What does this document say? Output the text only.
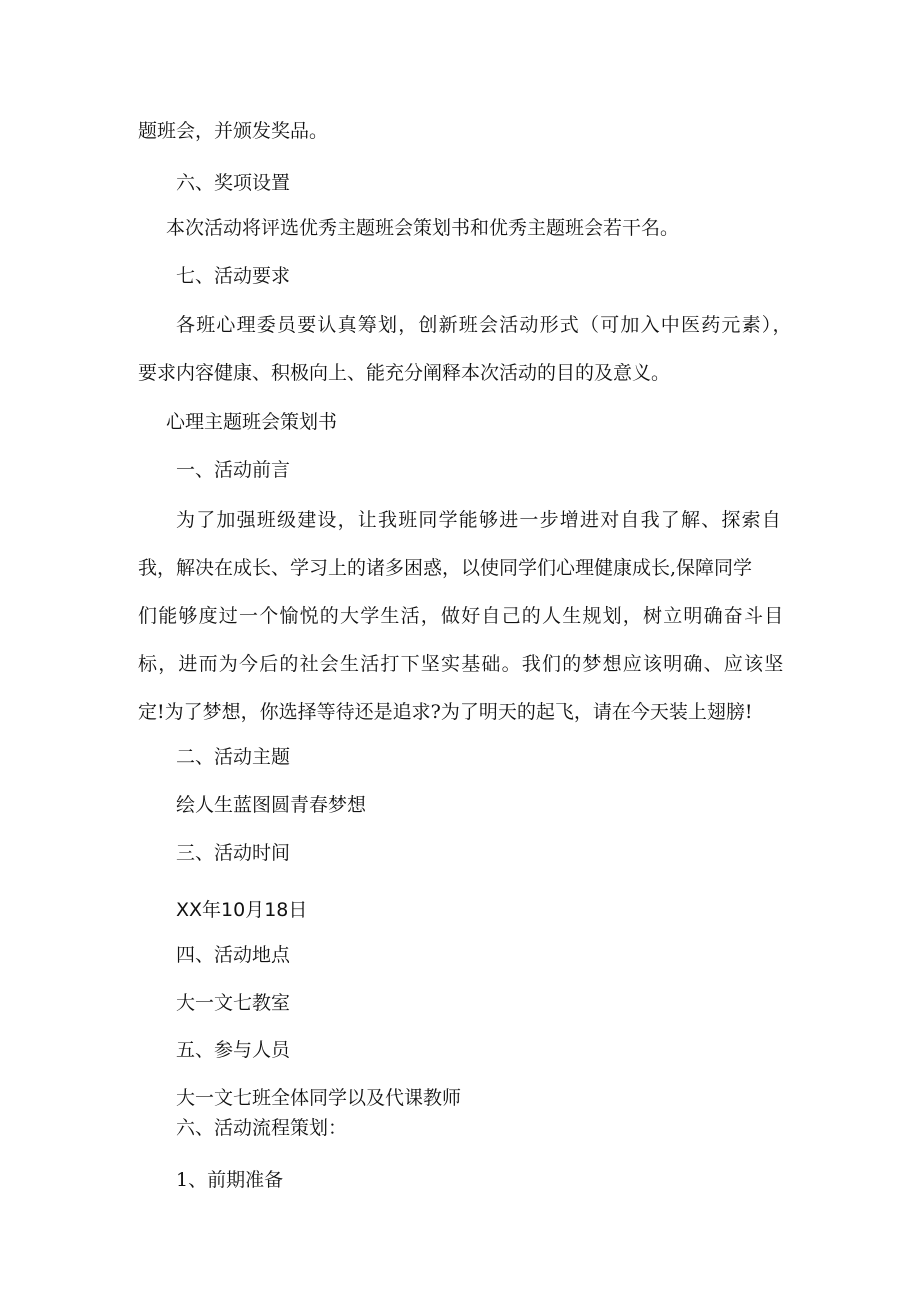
题班会，并颁发奖品。

六、奖项设置

本次活动将评选优秀主题班会策划书和优秀主题班会若干名。

七、活动要求

各班心理委员要认真筹划，创新班会活动形式（可加入中医药元素），

要求内容健康、积极向上、能充分阐释本次活动的目的及意义。

心理主题班会策划书

一、活动前言

为了加强班级建设，让我班同学能够进一步增进对自我了解、探索自

我，解决在成长、学习上的诸多困惑，以使同学们心理健康成长,保障同学

们能够度过一个愉悦的大学生活，做好自己的人生规划，树立明确奋斗目

标，进而为今后的社会生活打下坚实基础。我们的梦想应该明确、应该坚

定!为了梦想，你选择等待还是追求?为了明天的起飞，请在今天装上翅膀!

二、活动主题

绘人生蓝图圆青春梦想

三、活动时间

XX年10月18日

四、活动地点

大一文七教室

五、参与人员

大一文七班全体同学以及代课教师

六、活动流程策划：

1、前期准备
